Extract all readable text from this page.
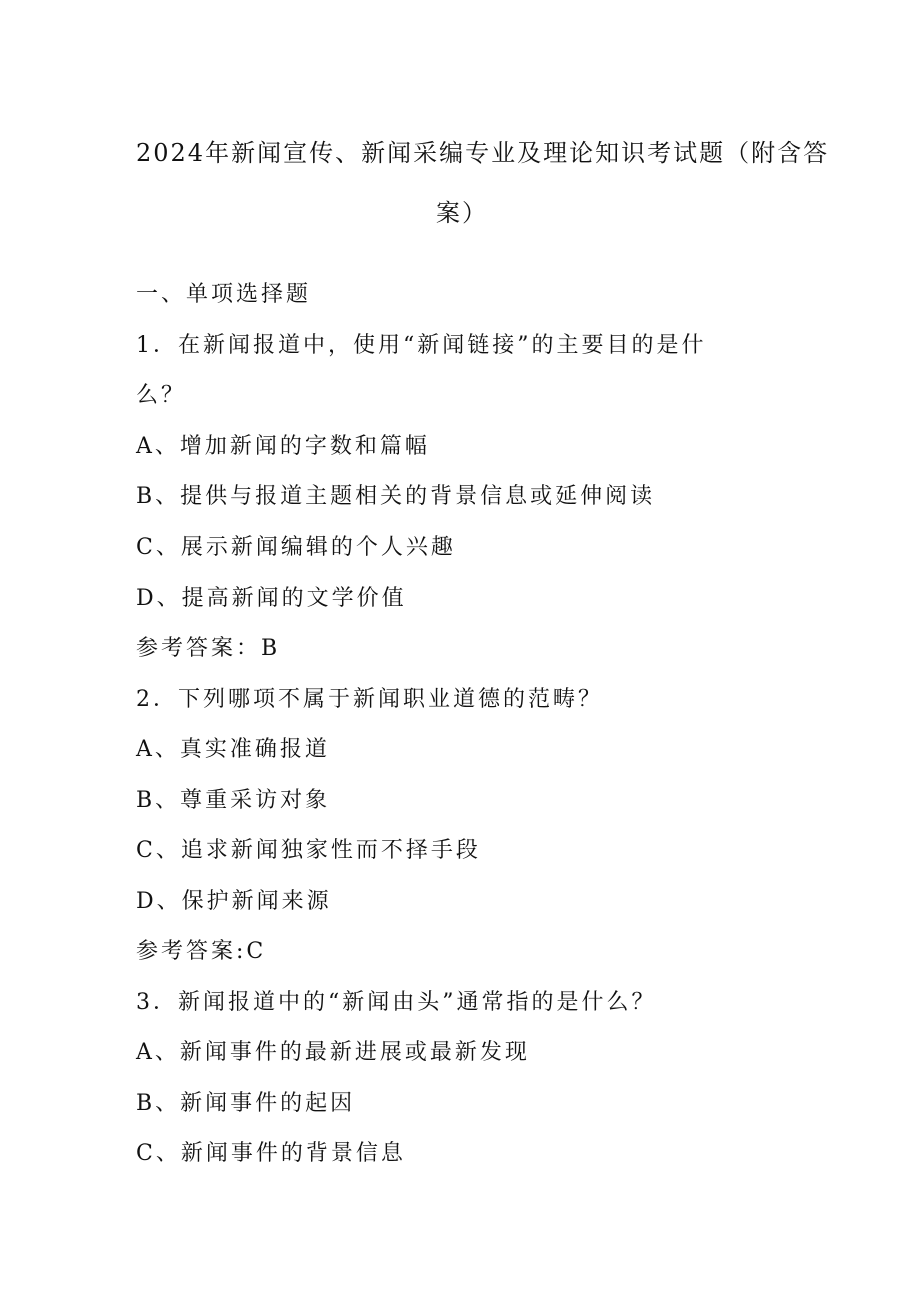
2024年新闻宣传、新闻采编专业及理论知识考试题（附含答
案）
一、单项选择题
1．在新闻报道中，使用“新闻链接”的主要目的是什
么？
A、增加新闻的字数和篇幅
B、提供与报道主题相关的背景信息或延伸阅读
C、展示新闻编辑的个人兴趣
D、提高新闻的文学价值
参考答案：B
2．下列哪项不属于新闻职业道德的范畴？
A、真实准确报道
B、尊重采访对象
C、追求新闻独家性而不择手段
D、保护新闻来源
参考答案:C
3．新闻报道中的“新闻由头”通常指的是什么？
A、新闻事件的最新进展或最新发现
B、新闻事件的起因
C、新闻事件的背景信息
